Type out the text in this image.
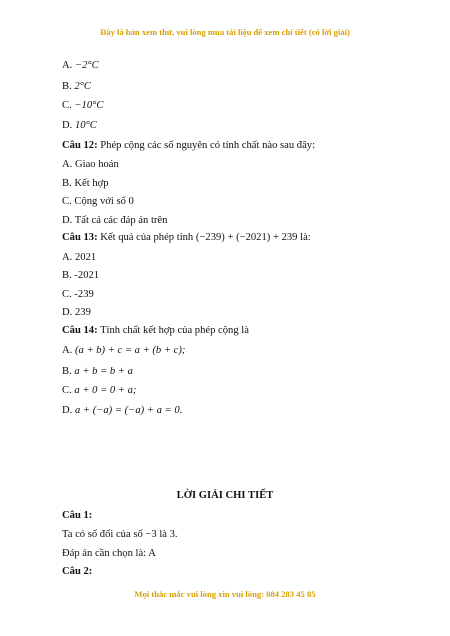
Đây là bản xem thử, vui lòng mua tài liệu để xem chi tiết (có lời giải)
A. −2°C
B. 2°C
C. −10°C
D. 10°C
Câu 12: Phép cộng các số nguyên có tính chất nào sau đây:
A. Giao hoán
B. Kết hợp
C. Cộng với số 0
D. Tất cả các đáp án trên
Câu 13: Kết quả của phép tính (−239) + (−2021) + 239 là:
A. 2021
B. -2021
C. -239
D. 239
Câu 14: Tính chất kết hợp của phép cộng là
A. (a + b) + c = a + (b + c);
B. a + b = b + a
C. a + 0 = 0 + a;
D. a + (−a) = (−a) + a = 0.
LỜI GIẢI CHI TIẾT
Câu 1:
Ta có số đối của số −3 là 3.
Đáp án cần chọn là: A
Câu 2:
Mọi thắc mắc vui lòng xin vui lòng: 084 283 45 85
